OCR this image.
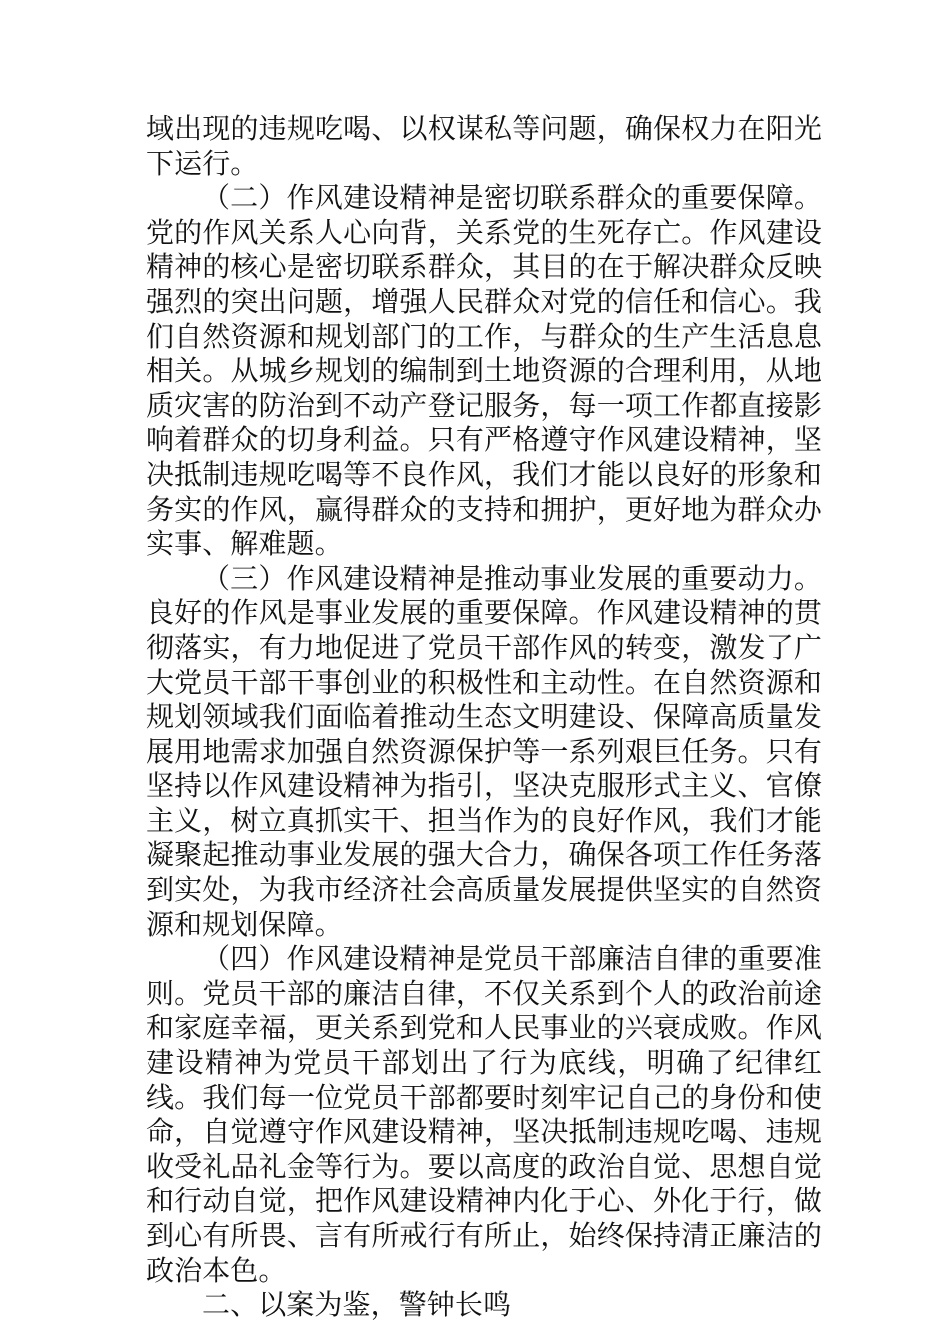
域出现的违规吃喝、以权谋私等问题，确保权力在阳光下运行。

（二）作风建设精神是密切联系群众的重要保障。党的作风关系人心向背，关系党的生死存亡。作风建设精神的核心是密切联系群众，其目的在于解决群众反映强烈的突出问题，增强人民群众对党的信任和信心。我们自然资源和规划部门的工作，与群众的生产生活息息相关。从城乡规划的编制到土地资源的合理利用，从地质灾害的防治到不动产登记服务，每一项工作都直接影响着群众的切身利益。只有严格遵守作风建设精神，坚决抵制违规吃喝等不良作风，我们才能以良好的形象和务实的作风，赢得群众的支持和拥护，更好地为群众办实事、解难题。

（三）作风建设精神是推动事业发展的重要动力。良好的作风是事业发展的重要保障。作风建设精神的贯彻落实，有力地促进了党员干部作风的转变，激发了广大党员干部干事创业的积极性和主动性。在自然资源和规划领域我们面临着推动生态文明建设、保障高质量发展用地需求加强自然资源保护等一系列艰巨任务。只有坚持以作风建设精神为指引，坚决克服形式主义、官僚主义，树立真抓实干、担当作为的良好作风，我们才能凝聚起推动事业发展的强大合力，确保各项工作任务落到实处，为我市经济社会高质量发展提供坚实的自然资源和规划保障。

（四）作风建设精神是党员干部廉洁自律的重要准则。党员干部的廉洁自律，不仅关系到个人的政治前途和家庭幸福，更关系到党和人民事业的兴衰成败。作风建设精神为党员干部划出了行为底线，明确了纪律红线。我们每一位党员干部都要时刻牢记自己的身份和使命，自觉遵守作风建设精神，坚决抵制违规吃喝、违规收受礼品礼金等行为。要以高度的政治自觉、思想自觉和行动自觉，把作风建设精神内化于心、外化于行，做到心有所畏、言有所戒行有所止，始终保持清正廉洁的政治本色。

二、以案为鉴，警钟长鸣
